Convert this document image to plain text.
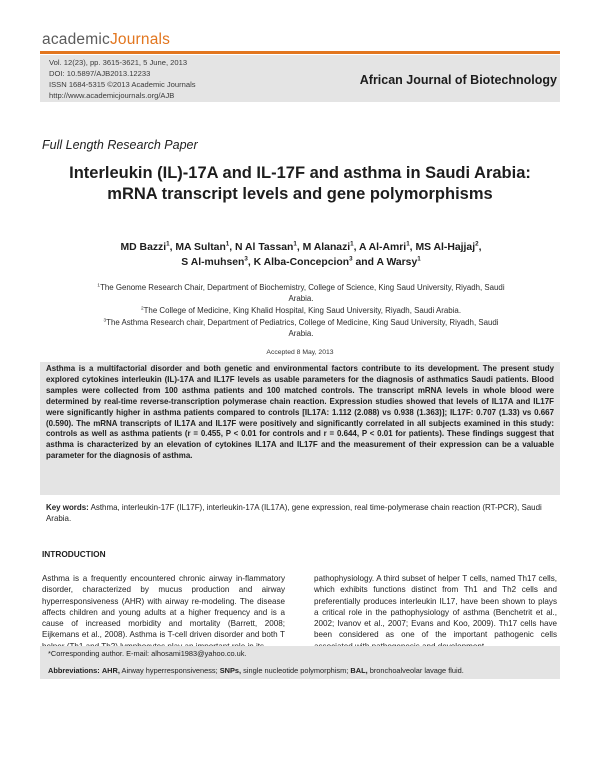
academicJournals
Vol. 12(23), pp. 3615-3621, 5 June, 2013
DOI: 10.5897/AJB2013.12233
ISSN 1684-5315 ©2013 Academic Journals
http://www.academicjournals.org/AJB
African Journal of Biotechnology
Full Length Research Paper
Interleukin (IL)-17A and IL-17F and asthma in Saudi Arabia: mRNA transcript levels and gene polymorphisms
MD Bazzi$^1$, MA Sultan$^1$, N Al Tassan$^1$, M Alanazi$^1$, A Al-Amri$^1$, MS Al-Hajjaj$^2$,
S Al-muhsen$^3$, K Alba-Concepcion$^3$ and A Warsy$^1$
$^1$The Genome Research Chair, Department of Biochemistry, College of Science, King Saud University, Riyadh, Saudi
Arabia.
$^2$The College of Medicine, King Khalid Hospital, King Saud University, Riyadh, Saudi Arabia.
$^3$The Asthma Research chair, Department of Pediatrics, College of Medicine, King Saud University, Riyadh, Saudi
Arabia.
Accepted 8 May, 2013
Asthma is a multifactorial disorder and both genetic and environmental factors contribute to its development. The present study explored cytokines interleukin (IL)-17A and IL17F levels as usable parameters for the diagnosis of asthmatics Saudi patients. Blood samples were collected from 100 asthma patients and 100 matched controls. The transcript mRNA levels in whole blood were determined by real-time reverse-transcription polymerase chain reaction. Expression studies showed that levels of IL17A and IL17F were significantly higher in asthma patients compared to controls [IL17A: 1.112 (2.088) vs 0.938 (1.363)]; IL17F: 0.707 (1.33) vs 0.667 (0.590). The mRNA transcripts of IL17A and IL17F were positively and significantly correlated in all subjects examined in this study: controls as well as asthma patients (r = 0.455, P < 0.01 for controls and r = 0.644, P < 0.01 for patients). These findings suggest that asthma is characterized by an elevation of cytokines IL17A and IL17F and the measurement of their expression can be a valuable parameter for the diagnosis of asthma.
Key words: Asthma, interleukin-17F (IL17F), interleukin-17A (IL17A), gene expression, real time-polymerase chain reaction (RT-PCR), Saudi Arabia.
INTRODUCTION
Asthma is a frequently encountered chronic airway in-flammatory disorder, characterized by mucus production and airway hyperresponsiveness (AHR) with airway re-modeling. The disease affects children and young adults at a higher frequency and is a cause of increased morbidity and mortality (Barrett, 2008; Eijkemans et al., 2008). Asthma is T-cell driven disorder and both T
pathophysiology. A third subset of helper T cells, named Th17 cells, which exhibits functions distinct from Th1 and Th2 cells and preferentially produces interleukin IL17, have been shown to plays a critical role in the pathophysiology of asthma (Benchetrit et al., 2002; Ivanov et al., 2007; Evans and Koo, 2009). Th17 cells have been considered as one of the important pathogenic cells
*Corresponding author. E-mail: alhosami1983@yahoo.co.uk.
Abbreviations: AHR, Airway hyperresponsiveness; SNPs, single nucleotide polymorphism; BAL, bronchoalveolar lavage fluid.
